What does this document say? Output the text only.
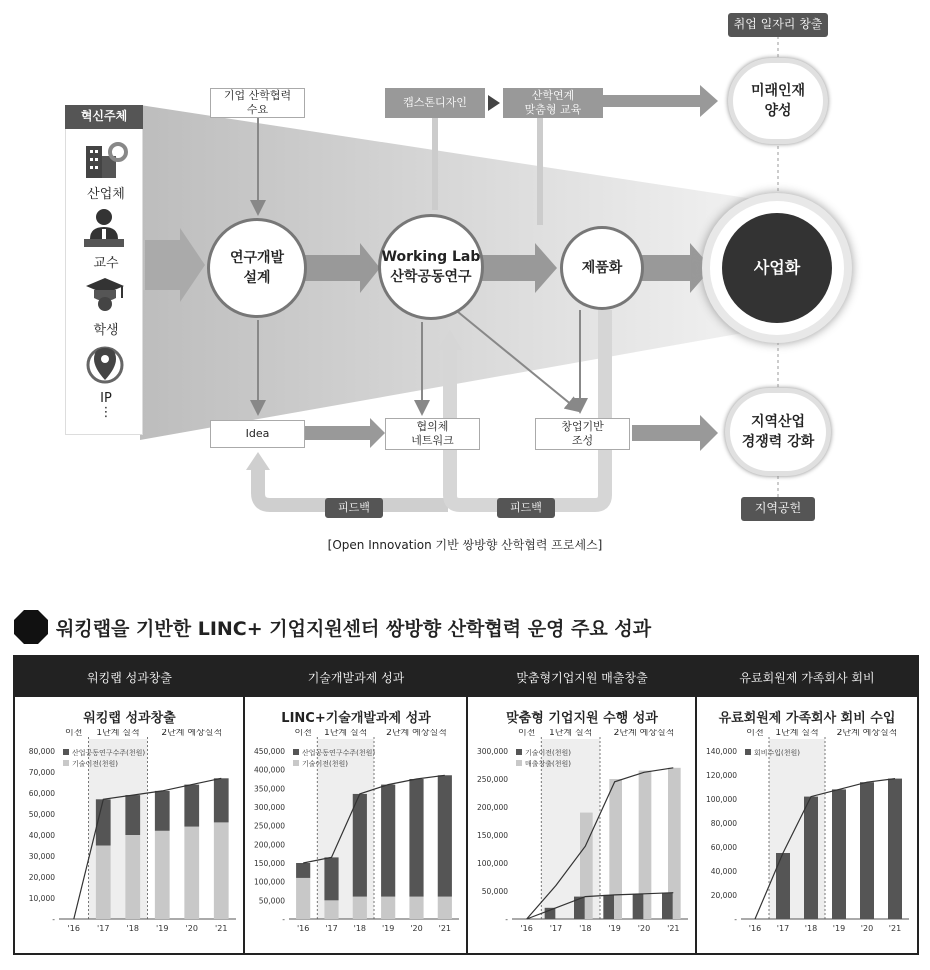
혁신주체
산업체
교수
학생
IP
⋮
기업 산학협력
수요
캡스톤디자인
산학연계
맞춤형 교육
취업 일자리 창출
지역공헌
연구개발
설계
Working Lab
산학공동연구
제품화	사업화
미래인재
양성
지역산업
경쟁력 강화
Idea
협의체
네트워크
창업기반
조성
피드백	피드백
[Open Innovation 기반 쌍방향 산학협력 프로세스]
워킹랩을 기반한 LINC+ 기업지원센터 쌍방향 산학협력 운영 주요 성과
워킹랩 성과창출
워킹랩 성과창출
이전 1단계 실적 2단계 예상실적
80,000
70,000
60,000
50,000
40,000
30,000
20,000
10,000
-
'16 '17 '18 '19 '20 '21
산업공동연구수주(천원)
기술이전(천원)
기술개발과제 성과
LINC+기술개발과제 성과
이전 1단계 실적 2단계 예상실적
450,000
400,000
350,000
300,000
250,000
200,000
150,000
100,000
50,000
-
'16 '17 '18 '19 '20 '21
산업공동연구수주(천원)
기술이전(천원)
맞춤형기업지원 매출창출
맞춤형 기업지원 수행 성과
이전 1단계 실적 2단계 예상실적
300,000
250,000
200,000
150,000
100,000
50,000
-
'16 '17 '18 '19 '20 '21
기술이전(천원)
매출창출(천원)
유료회원제 가족회사 회비
유료회원제 가족회사 회비 수입
이전 1단계 실적 2단계 예상실적
140,000
120,000
100,000
80,000
60,000
40,000
20,000
-
'16 '17 '18 '19 '20 '21
회비수입(천원)
